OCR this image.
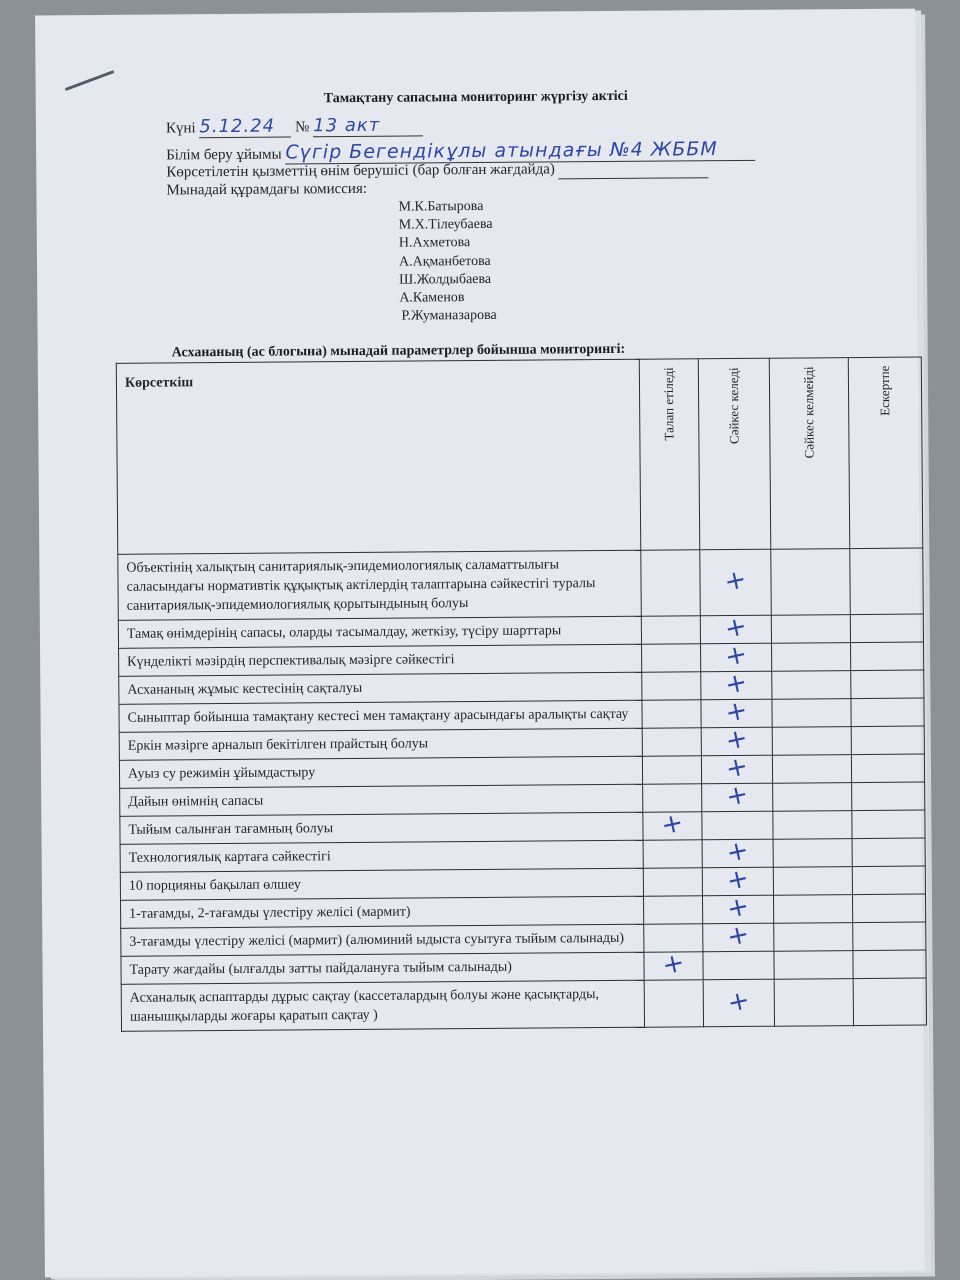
Тамақтану сапасына мониторинг жүргізу актісі
Күні 5.12.24 № 13 акт
Білім беру ұйымы Сүгір Бегендікұлы атындағы №4 ЖББМ
Көрсетілетін қызметтің өнім берушісі (бар болған жағдайда)
Мынадай құрамдағы комиссия:
М.К.Батырова
М.Х.Тілеубаева
Н.Ахметова
А.Ақманбетова
Ш.Жолдыбаева
А.Каменов
Р.Жуманазарова
Асхананың (ас блогына) мынадай параметрлер бойынша мониторингі:
Көрсеткіш	Талап етіледі	Сәйкес келеді	Сәйкес келмейді	Ескертпе

Объектінің халықтың санитариялық-эпидемиологиялық саламаттылығы саласындағы нормативтік құқықтық актілердің талаптарына сәйкестігі туралы санитариялық-эпидемиологиялық қорытындының болуы		+		
Тамақ өнімдерінің сапасы, оларды тасымалдау, жеткізу, түсіру шарттары		+		
Күнделікті мәзірдің перспективалық мәзірге сәйкестігі		+		
Асхананың жұмыс кестесінің сақталуы		+		
Сыныптар бойынша тамақтану кестесі мен тамақтану арасындағы аралықты сақтау		+		
Еркін мәзірге арналып бекітілген прайстың болуы		+		
Ауыз су режимін ұйымдастыру		+		
Дайын өнімнің сапасы		+		
Тыйым салынған тағамның болуы	+			
Технологиялық картаға сәйкестігі		+		
10 порцияны бақылап өлшеу		+		
1-тағамды, 2-тағамды үлестіру желісі (мармит)		+		
3-тағамды үлестіру желісі (мармит) (алюминий ыдыста суытуға тыйым салынады)		+		
Тарату жағдайы (ылғалды затты пайдалануға тыйым салынады)	+			
Асханалық аспаптарды дұрыс сақтау (кассеталардың болуы және қасықтарды, шанышқыларды жоғары қаратып сақтау )		+		
